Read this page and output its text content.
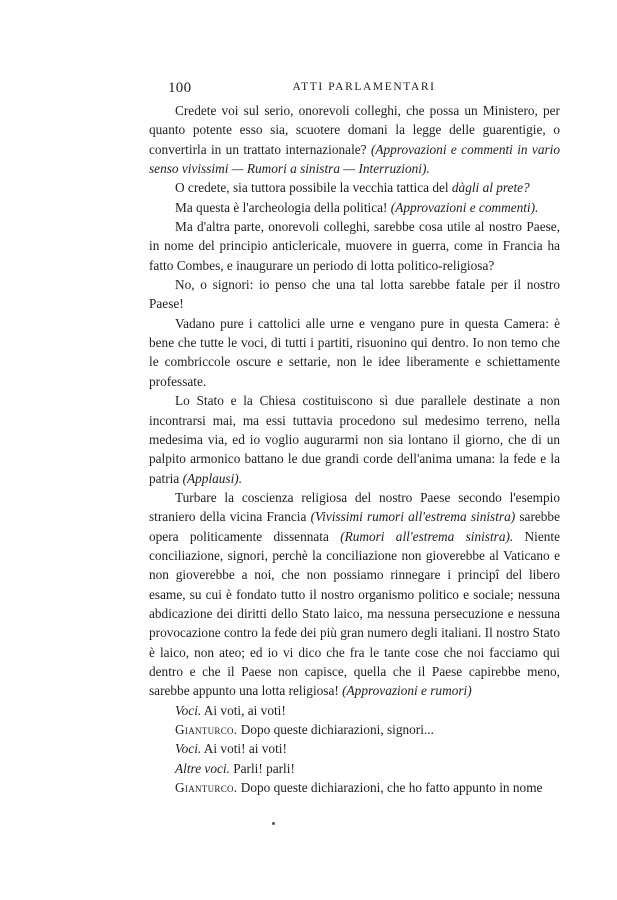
100	ATTI PARLAMENTARI

Credete voi sul serio, onorevoli colleghi, che possa un Ministero, per quanto potente esso sia, scuotere domani la legge delle guarentigie, o convertirla in un trattato internazionale? (Approvazioni e commenti in vario senso vivissimi — Rumori a sinistra — Interruzioni).

O credete, sia tuttora possibile la vecchia tattica del dàgli al prete?

Ma questa è l'archeologia della politica! (Approvazioni e commenti).

Ma d'altra parte, onorevoli colleghi, sarebbe cosa utile al nostro Paese, in nome del principio anticlericale, muovere in guerra, come in Francia ha fatto Combes, e inaugurare un periodo di lotta politico-religiosa?

No, o signori: io penso che una tal lotta sarebbe fatale per il nostro Paese!

Vadano pure i cattolici alle urne e vengano pure in questa Camera: è bene che tutte le voci, di tutti i partiti, risuonino qui dentro. Io non temo che le combriccole oscure e settarie, non le idee liberamente e schiettamente professate.

Lo Stato e la Chiesa costituiscono sì due parallele destinate a non incontrarsi mai, ma essi tuttavia procedono sul medesimo terreno, nella medesima via, ed io voglio augurarmi non sia lontano il giorno, che di un palpito armonico battano le due grandi corde dell'anima umana: la fede e la patria (Applausi).

Turbare la coscienza religiosa del nostro Paese secondo l'esempio straniero della vicina Francia (Vivissimi rumori all'estrema sinistra) sarebbe opera politicamente dissennata (Rumori all'estrema sinistra). Niente conciliazione, signori, perchè la conciliazione non gioverebbe al Vaticano e non gioverebbe a noi, che non possiamo rinnegare i principî del libero esame, su cui è fondato tutto il nostro organismo politico e sociale; nessuna abdicazione dei diritti dello Stato laico, ma nessuna persecuzione e nessuna provocazione contro la fede dei più gran numero degli italiani. Il nostro Stato è laico, non ateo; ed io vi dico che fra le tante cose che noi facciamo qui dentro e che il Paese non capisce, quella che il Paese capirebbe meno, sarebbe appunto una lotta religiosa! (Approvazioni e rumori)

Voci. Ai voti, ai voti!

Gianturco. Dopo queste dichiarazioni, signori...

Voci. Ai voti! ai voti!

Altre voci. Parli! parli!

Gianturco. Dopo queste dichiarazioni, che ho fatto appunto in nome
